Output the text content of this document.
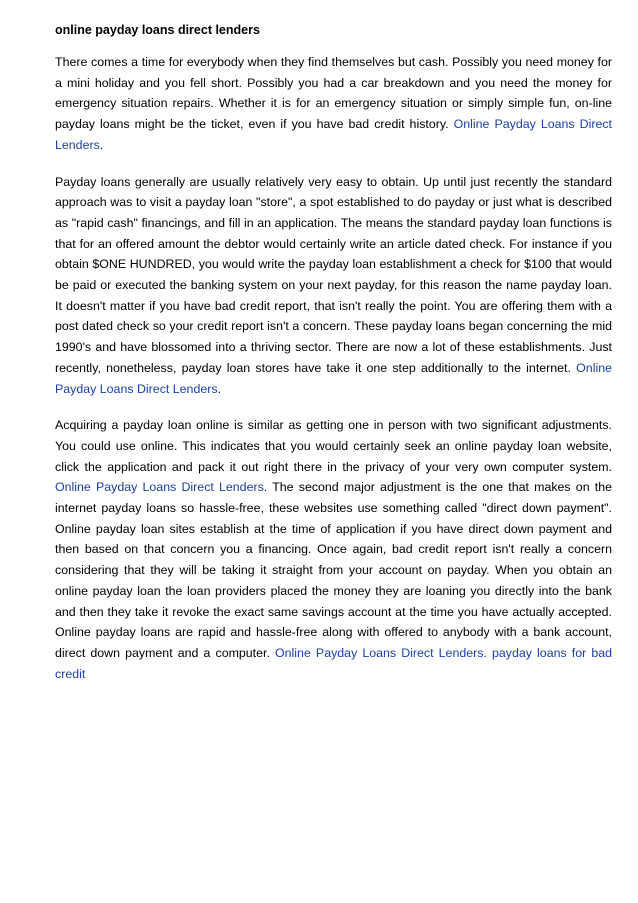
online payday loans direct lenders

There comes a time for everybody when they find themselves but cash. Possibly you need money for a mini holiday and you fell short. Possibly you had a car breakdown and you need the money for emergency situation repairs. Whether it is for an emergency situation or simply simple fun, on-line payday loans might be the ticket, even if you have bad credit history. Online Payday Loans Direct Lenders.

Payday loans generally are usually relatively very easy to obtain. Up until just recently the standard approach was to visit a payday loan "store", a spot established to do payday or just what is described as "rapid cash" financings, and fill in an application. The means the standard payday loan functions is that for an offered amount the debtor would certainly write an article dated check. For instance if you obtain $ONE HUNDRED, you would write the payday loan establishment a check for $100 that would be paid or executed the banking system on your next payday, for this reason the name payday loan. It doesn't matter if you have bad credit report, that isn't really the point. You are offering them with a post dated check so your credit report isn't a concern. These payday loans began concerning the mid 1990's and have blossomed into a thriving sector. There are now a lot of these establishments. Just recently, nonetheless, payday loan stores have take it one step additionally to the internet. Online Payday Loans Direct Lenders.

Acquiring a payday loan online is similar as getting one in person with two significant adjustments. You could use online. This indicates that you would certainly seek an online payday loan website, click the application and pack it out right there in the privacy of your very own computer system. Online Payday Loans Direct Lenders. The second major adjustment is the one that makes on the internet payday loans so hassle-free, these websites use something called "direct down payment". Online payday loan sites establish at the time of application if you have direct down payment and then based on that concern you a financing. Once again, bad credit report isn't really a concern considering that they will be taking it straight from your account on payday. When you obtain an online payday loan the loan providers placed the money they are loaning you directly into the bank and then they take it revoke the exact same savings account at the time you have actually accepted. Online payday loans are rapid and hassle-free along with offered to anybody with a bank account, direct down payment and a computer. Online Payday Loans Direct Lenders. payday loans for bad credit
